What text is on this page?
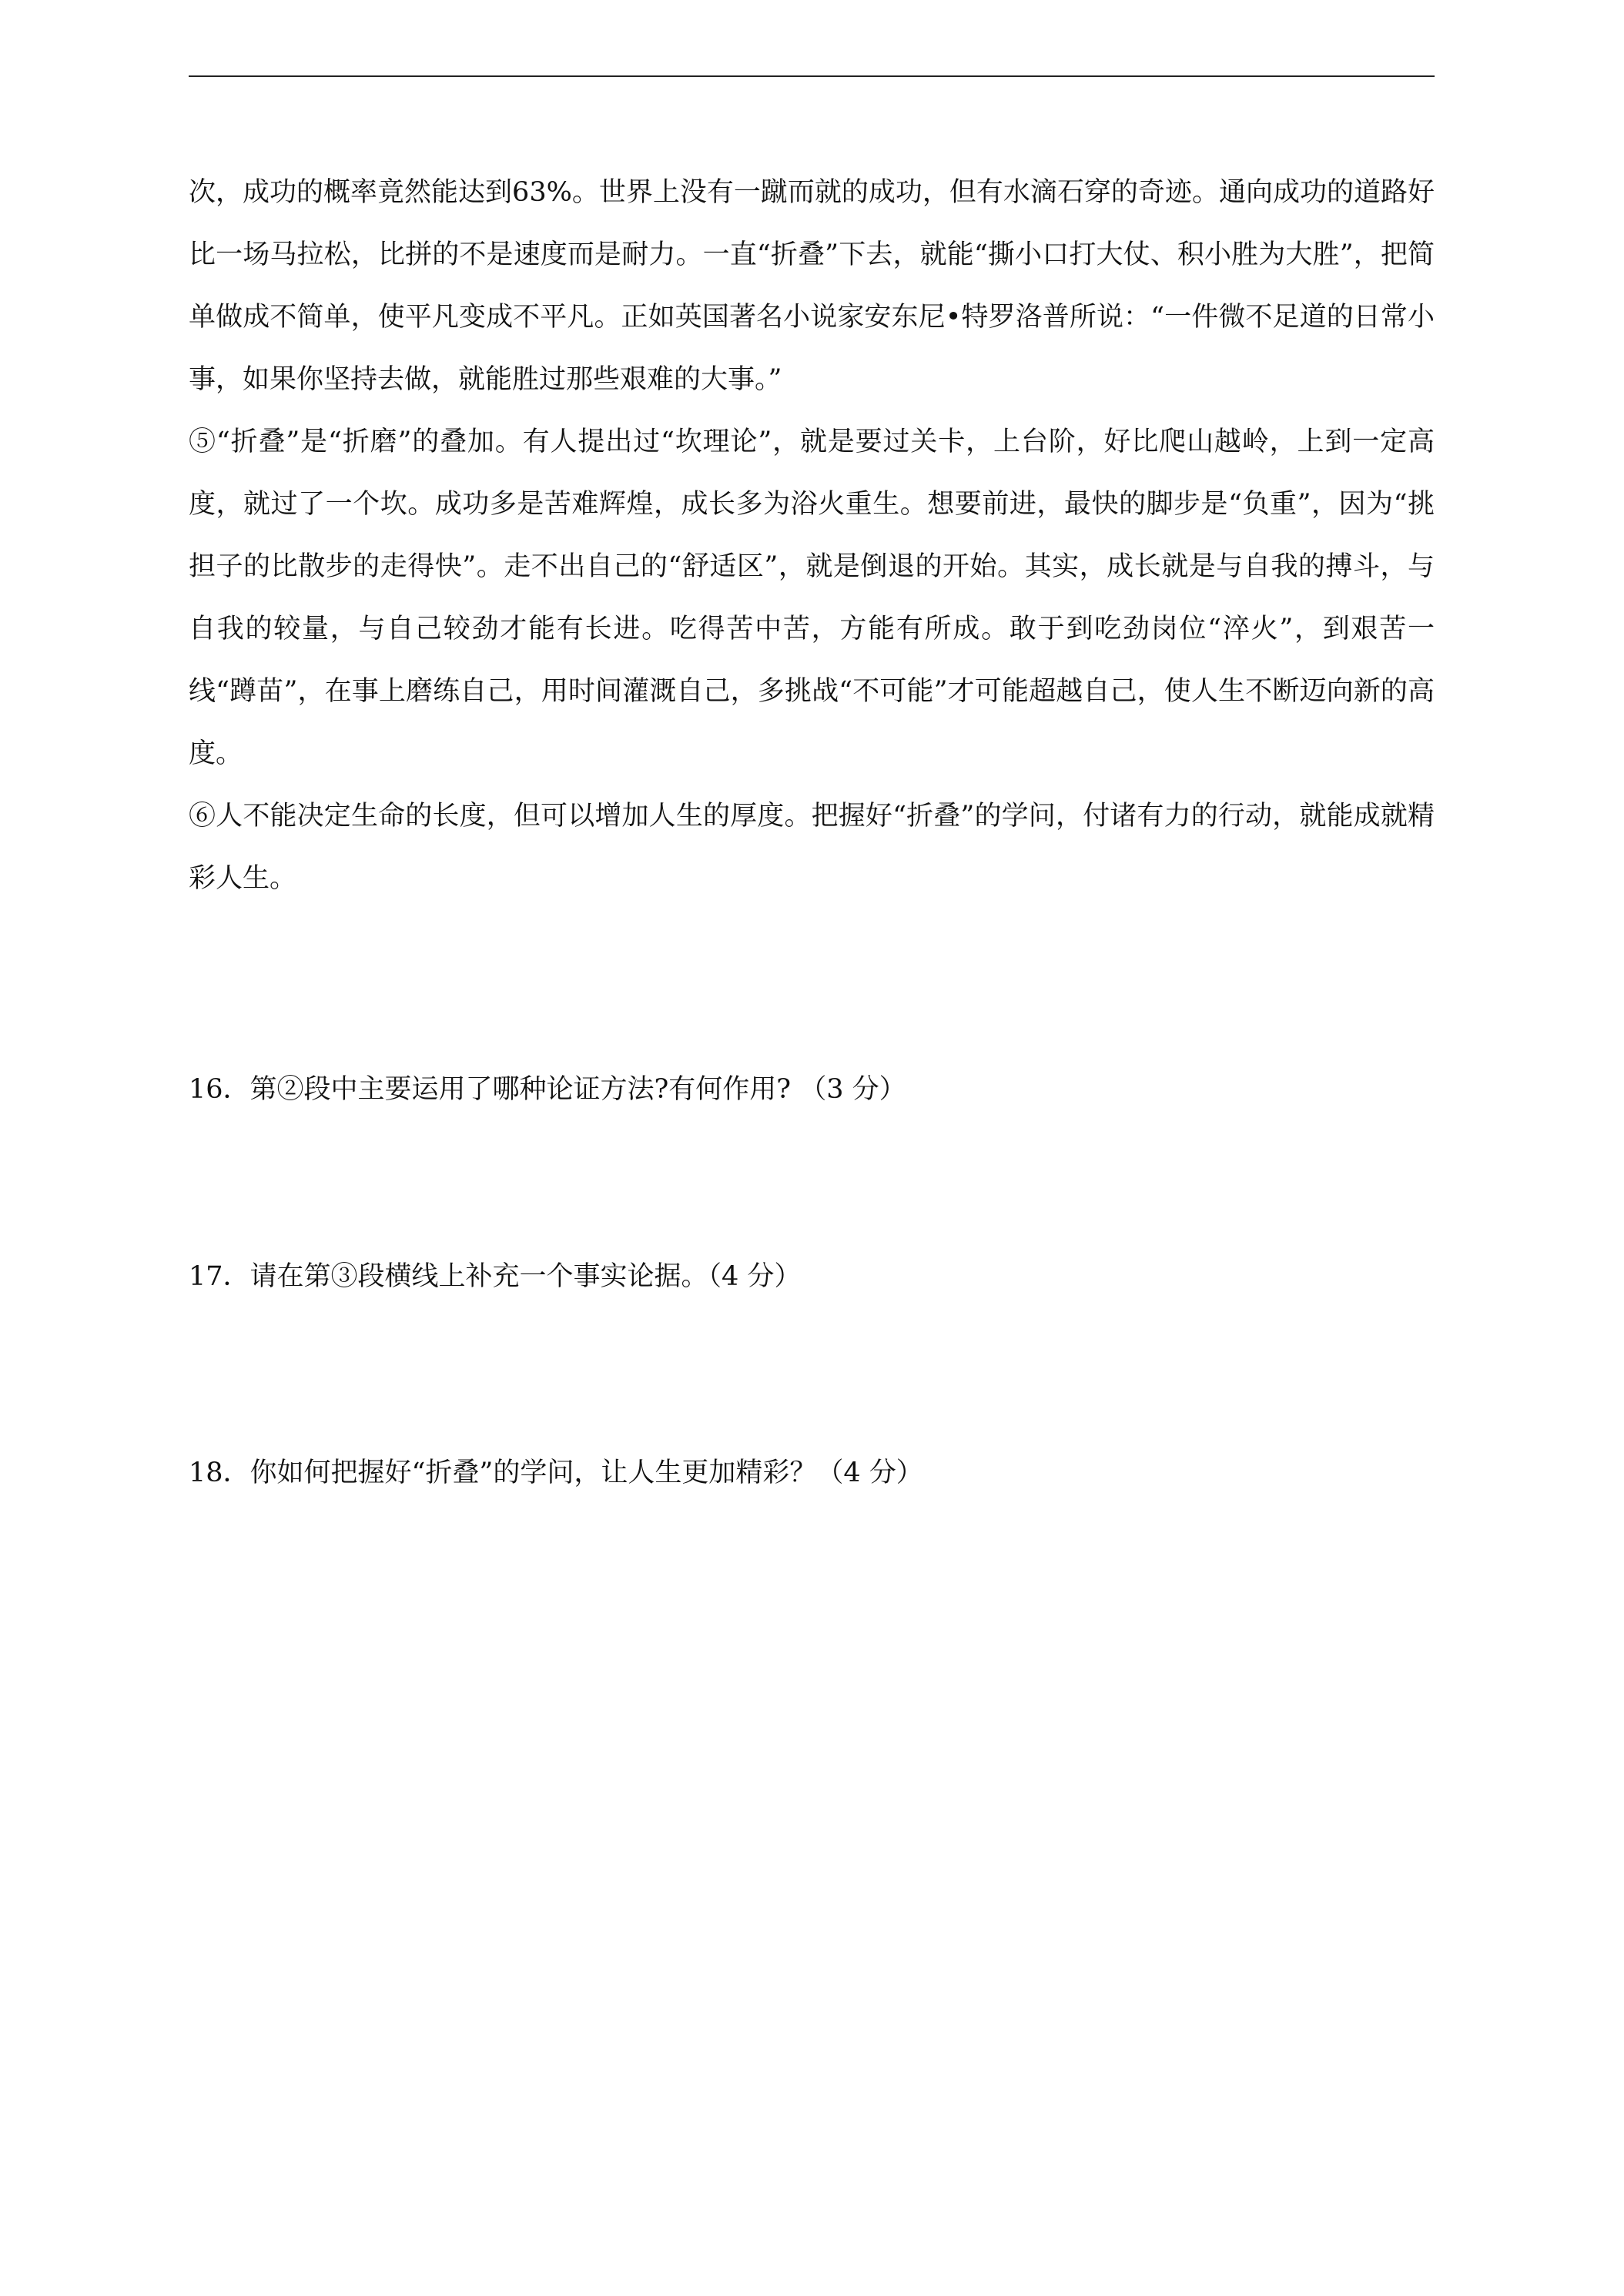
次，成功的概率竟然能达到63%。世界上没有一蹴而就的成功，但有水滴石穿的奇迹。通向成功的道路好比一场马拉松，比拼的不是速度而是耐力。一直“折叠”下去，就能“撕小口打大仗、积小胜为大胜”，把简单做成不简单，使平凡变成不平凡。正如英国著名小说家安东尼•特罗洛普所说：“一件微不足道的日常小事，如果你坚持去做，就能胜过那些艰难的大事。”

⑤“折叠”是“折磨”的叠加。有人提出过“坎理论”，就是要过关卡，上台阶，好比爬山越岭，上到一定高度，就过了一个坎。成功多是苦难辉煌，成长多为浴火重生。想要前进，最快的脚步是“负重”，因为“挑担子的比散步的走得快”。走不出自己的“舒适区”，就是倒退的开始。其实，成长就是与自我的搏斗，与自我的较量，与自己较劲才能有长进。吃得苦中苦，方能有所成。敢于到吃劲岗位“淬火”，到艰苦一线“蹲苗”，在事上磨练自己，用时间灌溉自己，多挑战“不可能”才可能超越自己，使人生不断迈向新的高度。

⑥人不能决定生命的长度，但可以增加人生的厚度。把握好“折叠”的学问，付诸有力的行动，就能成就精彩人生。

16．第②段中主要运用了哪种论证方法?有何作用? （3 分）
17．请在第③段横线上补充一个事实论据。（4 分）
18．你如何把握好“折叠”的学问，让人生更加精彩？（4 分）
